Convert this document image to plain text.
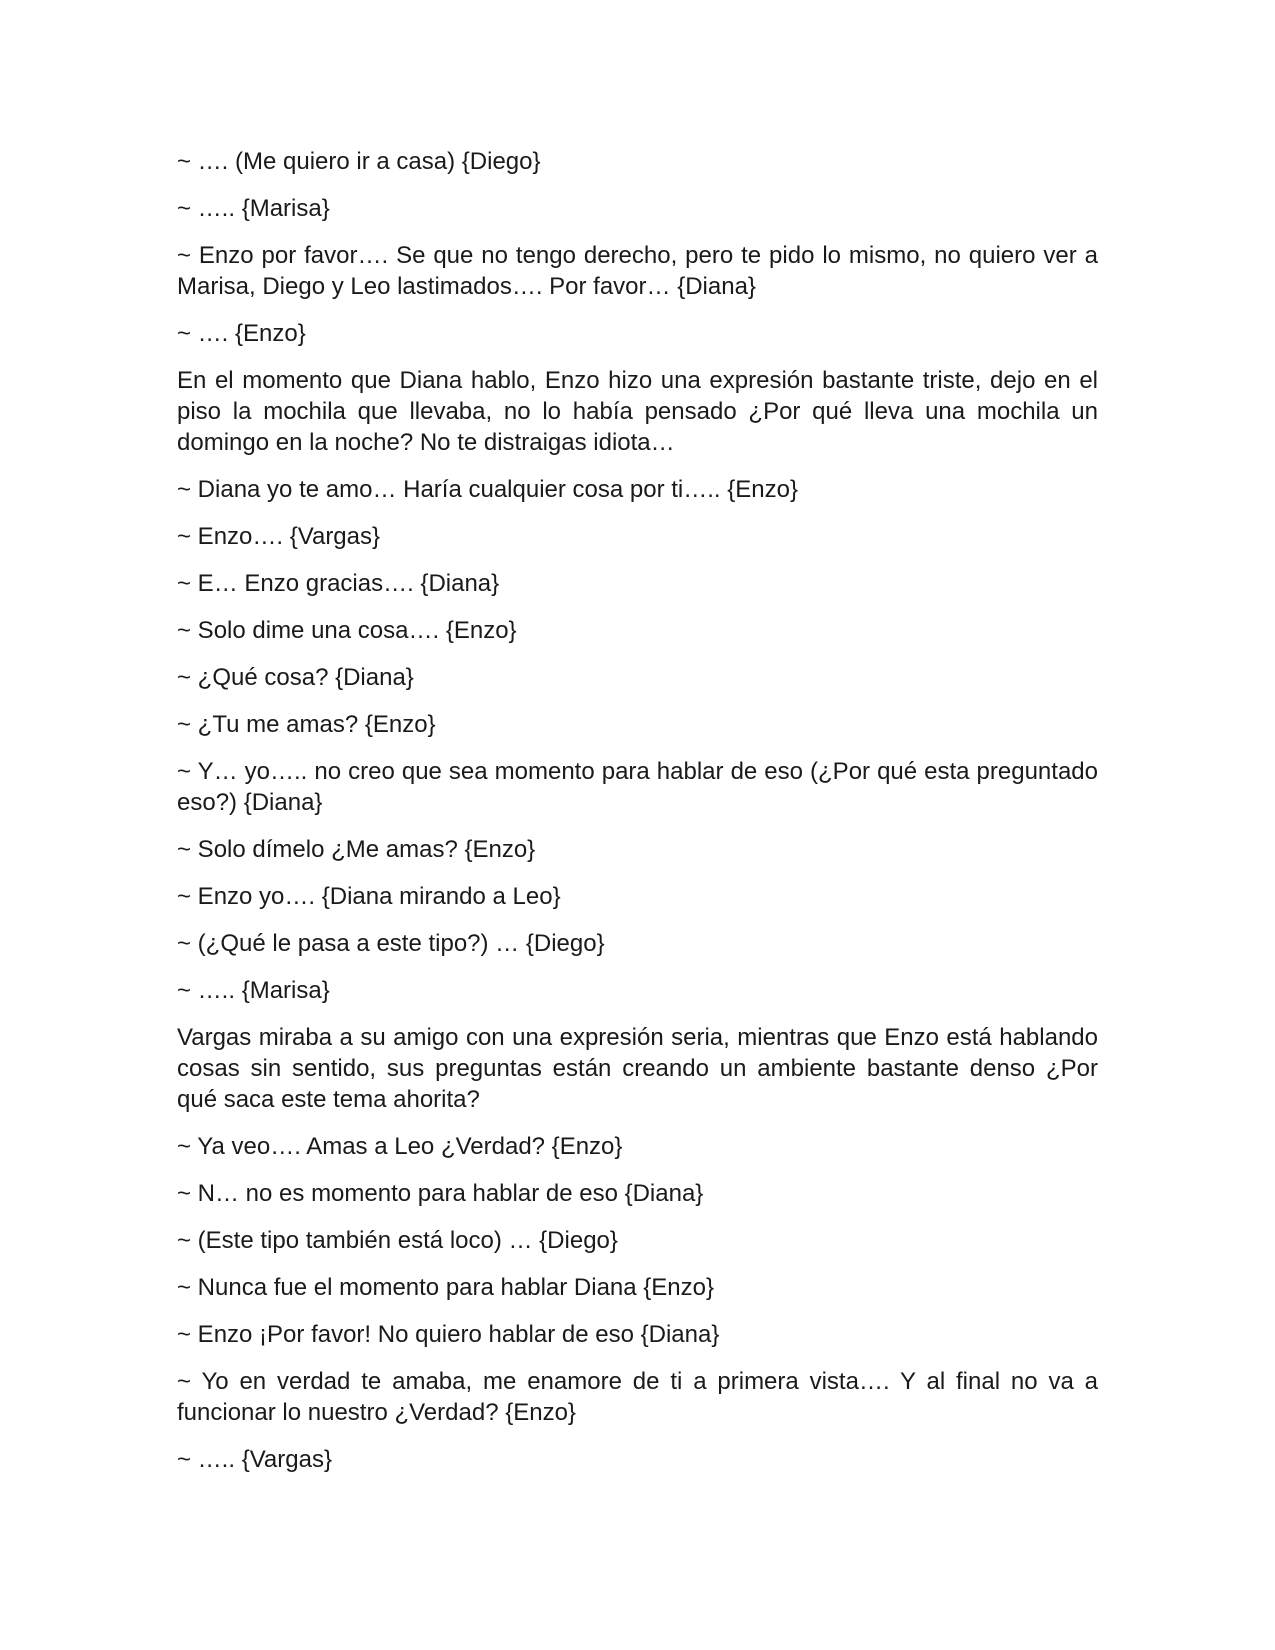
~ …. (Me quiero ir a casa) {Diego}

~ ….. {Marisa}

~ Enzo por favor…. Se que no tengo derecho, pero te pido lo mismo, no quiero ver a Marisa, Diego y Leo lastimados…. Por favor… {Diana}

~ …. {Enzo}

En el momento que Diana hablo, Enzo hizo una expresión bastante triste, dejo en el piso la mochila que llevaba, no lo había pensado ¿Por qué lleva una mochila un domingo en la noche? No te distraigas idiota…

~ Diana yo te amo… Haría cualquier cosa por ti….. {Enzo}

~ Enzo…. {Vargas}

~ E… Enzo gracias…. {Diana}

~ Solo dime una cosa…. {Enzo}

~ ¿Qué cosa? {Diana}

~ ¿Tu me amas? {Enzo}

~ Y… yo….. no creo que sea momento para hablar de eso (¿Por qué esta preguntado eso?) {Diana}

~ Solo dímelo ¿Me amas? {Enzo}

~ Enzo yo…. {Diana mirando a Leo}

~ (¿Qué le pasa a este tipo?) … {Diego}

~ ….. {Marisa}

Vargas miraba a su amigo con una expresión seria, mientras que Enzo está hablando cosas sin sentido, sus preguntas están creando un ambiente bastante denso ¿Por qué saca este tema ahorita?

~ Ya veo…. Amas a Leo ¿Verdad? {Enzo}

~ N… no es momento para hablar de eso {Diana}

~ (Este tipo también está loco) … {Diego}

~ Nunca fue el momento para hablar Diana {Enzo}

~ Enzo ¡Por favor! No quiero hablar de eso {Diana}

~ Yo en verdad te amaba, me enamore de ti a primera vista…. Y al final no va a funcionar lo nuestro ¿Verdad? {Enzo}

~ ….. {Vargas}
